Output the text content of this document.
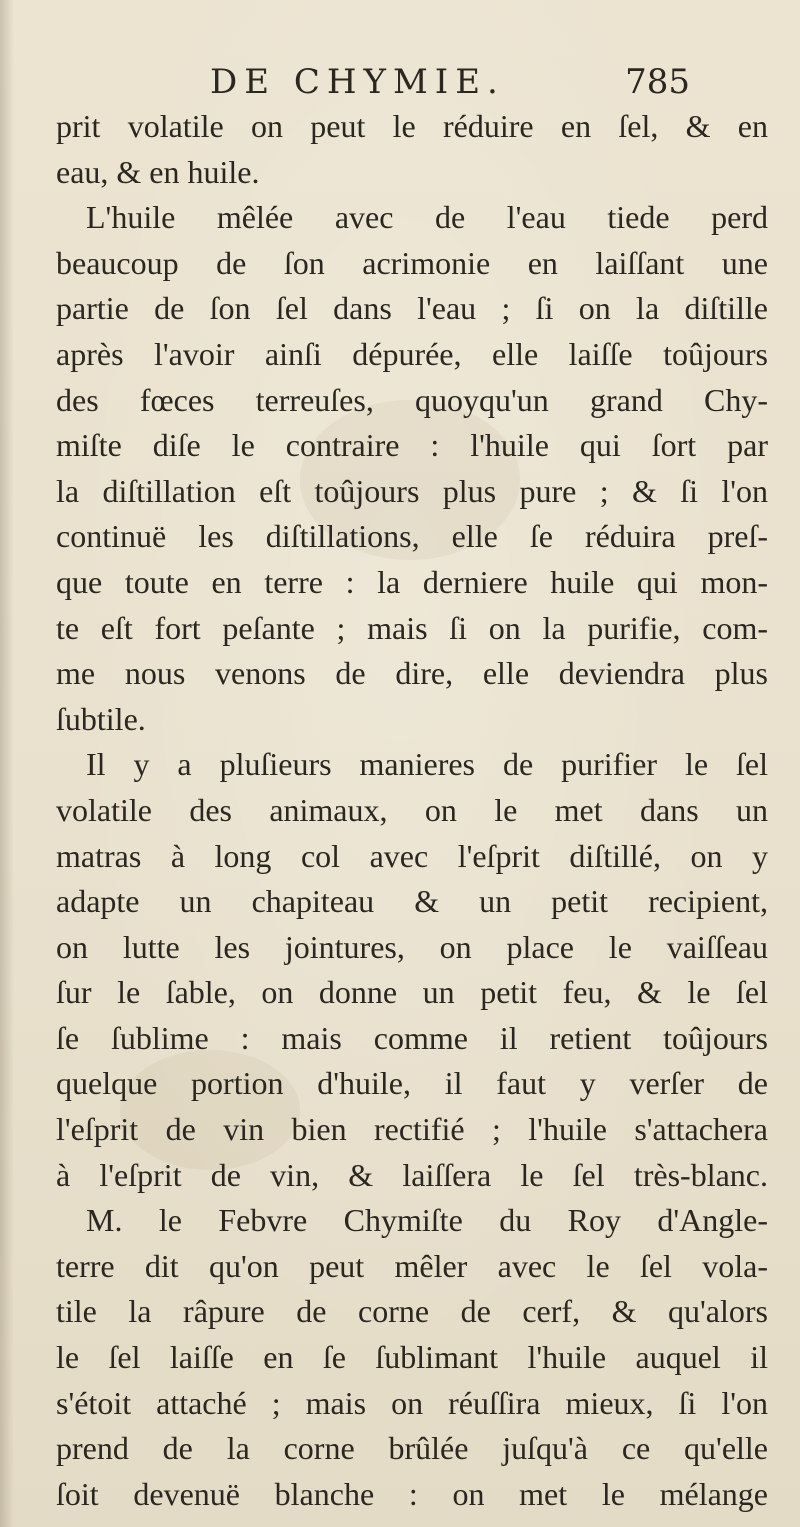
DE CHYMIE.	785
prit volatile on peut le réduire en ſel, & en
eau, & en huile.
L'huile mêlée avec de l'eau tiede perd
beaucoup de ſon acrimonie en laiſſant une
partie de ſon ſel dans l'eau ; ſi on la diſtille
après l'avoir ainſi dépurée, elle laiſſe toûjours
des fœces terreuſes, quoyqu'un grand Chy-
miſte diſe le contraire : l'huile qui ſort par
la diſtillation eſt toûjours plus pure ; & ſi l'on
continuë les diſtillations, elle ſe réduira preſ-
que toute en terre : la derniere huile qui mon-
te eſt fort peſante ; mais ſi on la purifie, com-
me nous venons de dire, elle deviendra plus
ſubtile.
Il y a pluſieurs manieres de purifier le ſel
volatile des animaux, on le met dans un
matras à long col avec l'eſprit diſtillé, on y
adapte un chapiteau & un petit recipient,
on lutte les jointures, on place le vaiſſeau
ſur le ſable, on donne un petit feu, & le ſel
ſe ſublime : mais comme il retient toûjours
quelque portion d'huile, il faut y verſer de
l'eſprit de vin bien rectifié ; l'huile s'attachera
à l'eſprit de vin, & laiſſera le ſel très-blanc.
M. le Febvre Chymiſte du Roy d'Angle-
terre dit qu'on peut mêler avec le ſel vola-
tile la râpure de corne de cerf, & qu'alors
le ſel laiſſe en ſe ſublimant l'huile auquel il
s'étoit attaché ; mais on réuſſira mieux, ſi l'on
prend de la corne brûlée juſqu'à ce qu'elle
ſoit devenuë blanche : on met le mélange
